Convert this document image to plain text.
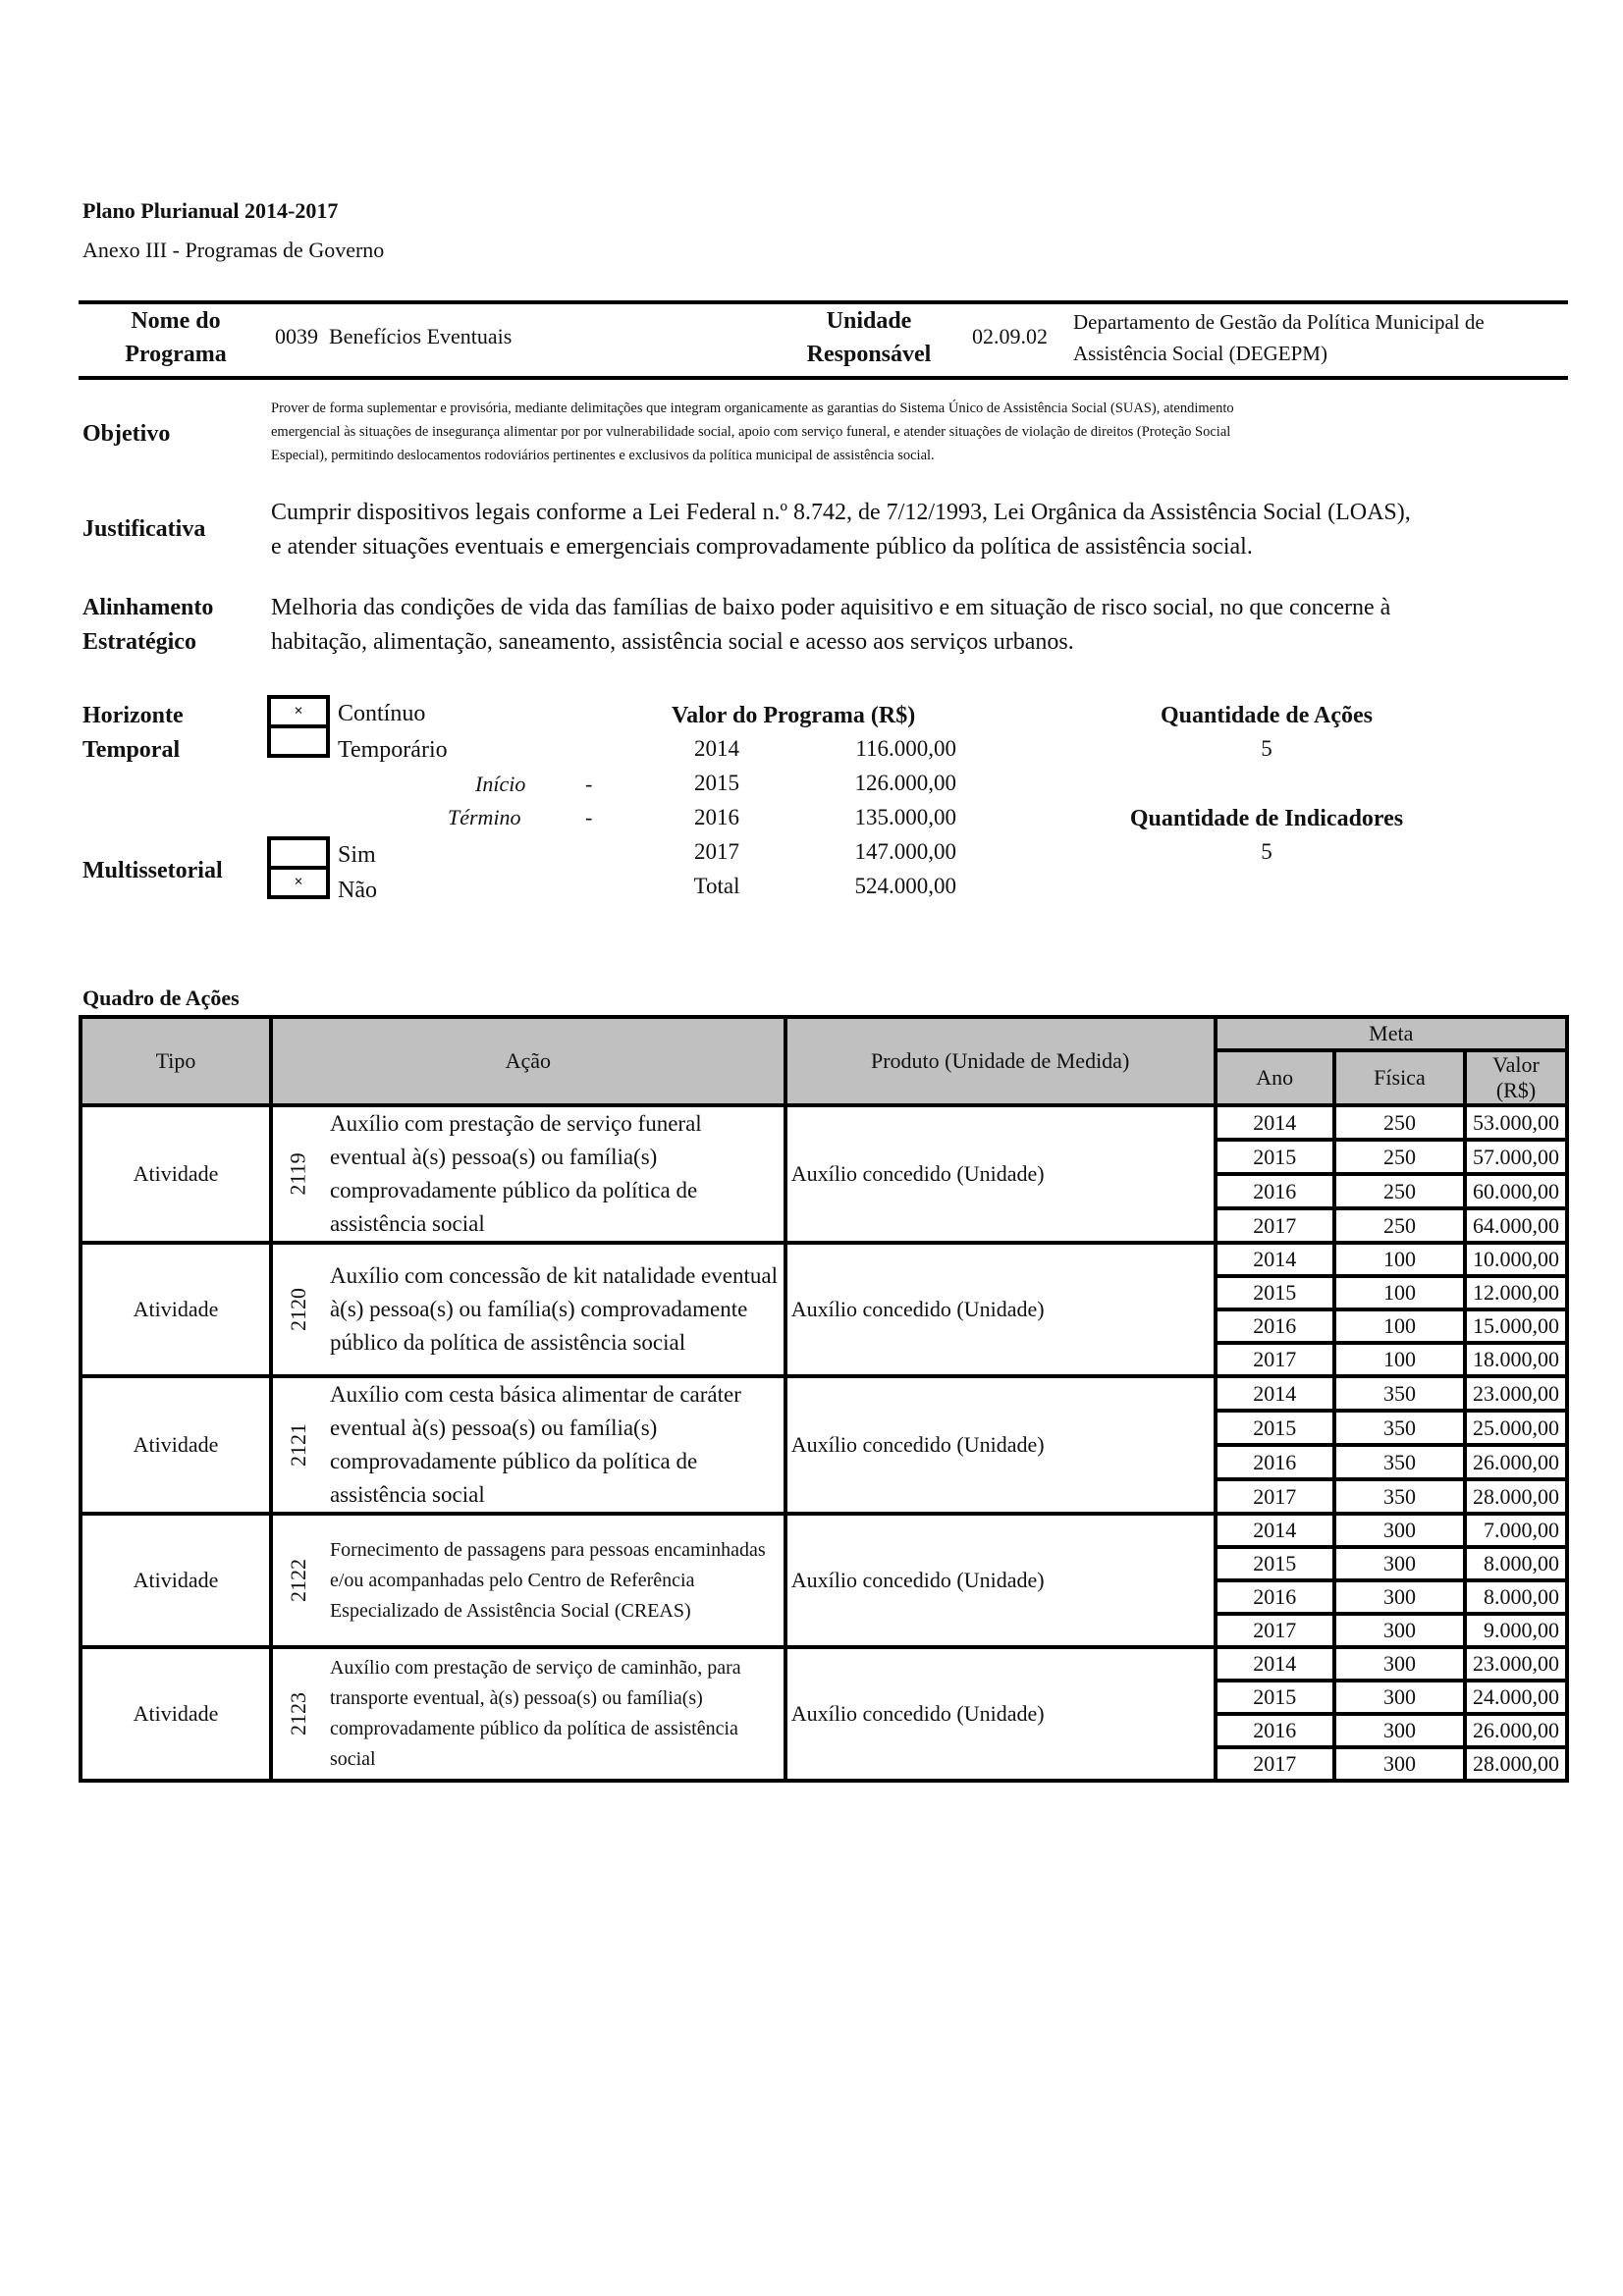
Plano Plurianual 2014-2017
Anexo III - Programas de Governo
Nome do
Programa
0039 Benefícios Eventuais
Unidade
Responsável
02.09.02
Departamento de Gestão da Política Municipal de
Assistência Social (DEGEPM)
Objetivo
Prover de forma suplementar e provisória, mediante delimitações que integram organicamente as garantias do Sistema Único de Assistência Social (SUAS), atendimento
emergencial às situações de insegurança alimentar por por vulnerabilidade social, apoio com serviço funeral, e atender situações de violação de direitos (Proteção Social
Especial), permitindo deslocamentos rodoviários pertinentes e exclusivos da política municipal de assistência social.
Justificativa
Cumprir dispositivos legais conforme a Lei Federal n.º 8.742, de 7/12/1993, Lei Orgânica da Assistência Social (LOAS),
e atender situações eventuais e emergenciais comprovadamente público da política de assistência social.
Alinhamento
Estratégico
Melhoria das condições de vida das famílias de baixo poder aquisitivo e em situação de risco social, no que concerne à
habitação, alimentação, saneamento, assistência social e acesso aos serviços urbanos.
Horizonte
Temporal
×	Contínuo
Temporário
Início	-
Término	-
Multissetorial	×
Sim
Não
Valor do Programa (R$)
2014	116.000,00
2015	126.000,00
2016	135.000,00
2017	147.000,00
Total	524.000,00
Quantidade de Ações
5
Quantidade de Indicadores
5
Quadro de Ações
Tipo	Ação		Produto (Unidade de Medida)	Meta		
				Ano	Física	Valor (R$)
Atividade	2119	Auxílio com prestação de serviço funeral eventual à(s) pessoa(s) ou família(s) comprovadamente público da política de assistência social	Auxílio concedido (Unidade)	2014	250	53.000,00
				2015	250	57.000,00
				2016	250	60.000,00
				2017	250	64.000,00
Atividade	2120	Auxílio com concessão de kit natalidade eventual à(s) pessoa(s) ou família(s) comprovadamente público da política de assistência social	Auxílio concedido (Unidade)	2014	100	10.000,00
				2015	100	12.000,00
				2016	100	15.000,00
				2017	100	18.000,00
Atividade	2121	Auxílio com cesta básica alimentar de caráter eventual à(s) pessoa(s) ou família(s) comprovadamente público da política de assistência social	Auxílio concedido (Unidade)	2014	350	23.000,00
				2015	350	25.000,00
				2016	350	26.000,00
				2017	350	28.000,00
Atividade	2122	Fornecimento de passagens para pessoas encaminhadas e/ou acompanhadas pelo Centro de Referência Especializado de Assistência Social (CREAS)	Auxílio concedido (Unidade)	2014	300	7.000,00
				2015	300	8.000,00
				2016	300	8.000,00
				2017	300	9.000,00
Atividade	2123	Auxílio com prestação de serviço de caminhão, para transporte eventual, à(s) pessoa(s) ou família(s) comprovadamente público da política de assistência social	Auxílio concedido (Unidade)	2014	300	23.000,00
				2015	300	24.000,00
				2016	300	26.000,00
				2017	300	28.000,00
